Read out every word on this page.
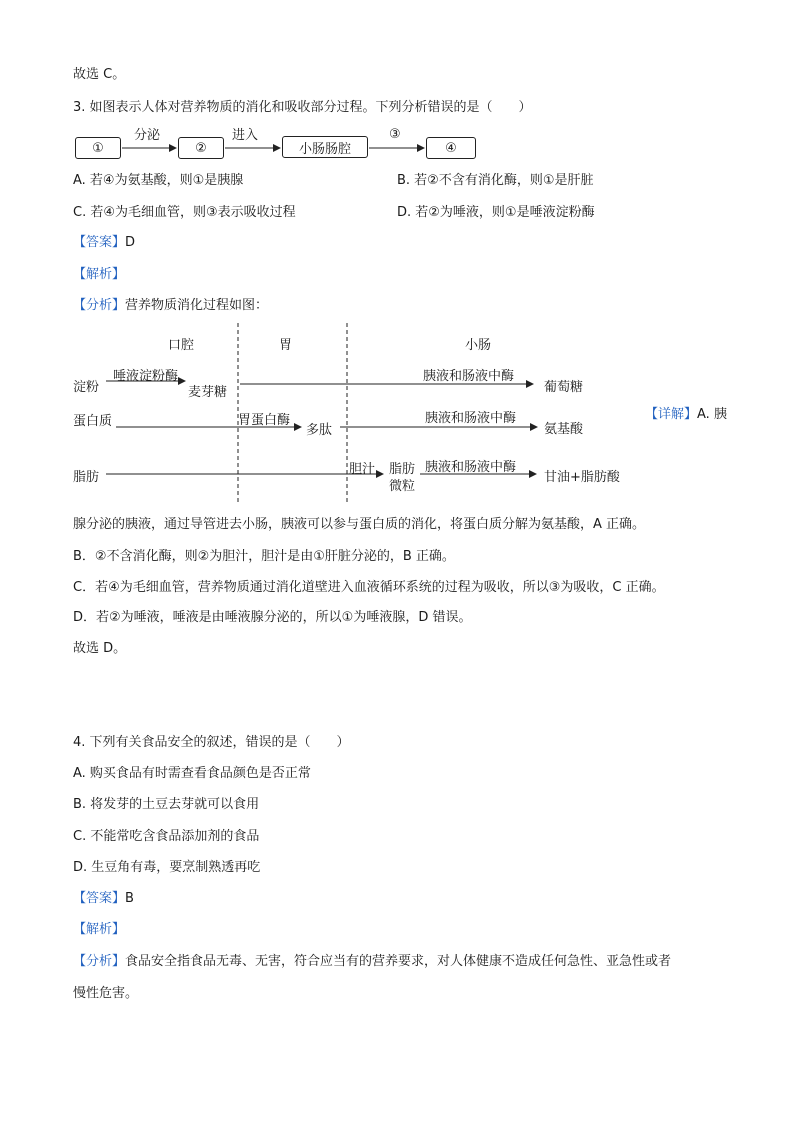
故选 C。
3. 如图表示人体对营养物质的消化和吸收部分过程。下列分析错误的是（　　）
①	②	小肠肠腔	④
分泌	进入	③
A. 若④为氨基酸，则①是胰腺	B. 若②不含有消化酶，则①是肝脏
C. 若④为毛细血管，则③表示吸收过程	D. 若②为唾液，则①是唾液淀粉酶
【答案】D
【解析】
【分析】营养物质消化过程如图：
口腔	胃	小肠
淀粉
唾液淀粉酶
麦芽糖
胰液和肠液中酶
葡萄糖
蛋白质	胃蛋白酶
多肽
胰液和肠液中酶
氨基酸
脂肪
胆汁 脂肪
微粒
胰液和肠液中酶
甘油+脂肪酸
【详解】A. 胰
腺分泌的胰液，通过导管进去小肠，胰液可以参与蛋白质的消化，将蛋白质分解为氨基酸，A 正确。
B．②不含消化酶，则②为胆汁，胆汁是由①肝脏分泌的，B 正确。
C．若④为毛细血管，营养物质通过消化道壁进入血液循环系统的过程为吸收，所以③为吸收，C 正确。
D．若②为唾液，唾液是由唾液腺分泌的，所以①为唾液腺，D 错误。
故选 D。
4. 下列有关食品安全的叙述，错误的是（　　）
A. 购买食品有时需查看食品颜色是否正常
B. 将发芽的土豆去芽就可以食用
C. 不能常吃含食品添加剂的食品
D. 生豆角有毒，要烹制熟透再吃
【答案】B
【解析】
【分析】食品安全指食品无毒、无害，符合应当有的营养要求，对人体健康不造成任何急性、亚急性或者
慢性危害。
